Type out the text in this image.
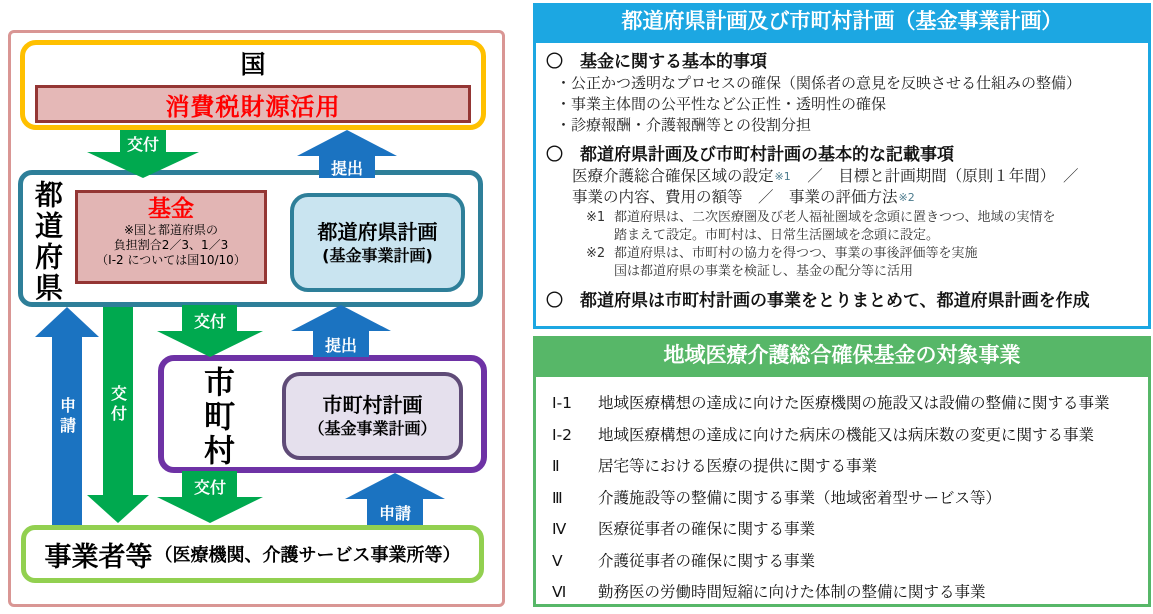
国
消費税財源活用
交付
提出
都道府県	基金
※国と都道府県の
負担割合2／3、1／3
（Ⅰ-2 については国10/10）
都道府県計画
(基金事業計画)
交付
提出
申請 交付 市町村	市町村計画
（基金事業計画）
交付
申請
事業者等 （医療機関、介護サービス事業所等）
都道府県計画及び市町村計画（基金事業計画）
〇　基金に関する基本的事項
・公正かつ透明なプロセスの確保（関係者の意見を反映させる仕組みの整備）
・事業主体間の公平性など公正性・透明性の確保
・診療報酬・介護報酬等との役割分担
〇　都道府県計画及び市町村計画の基本的な記載事項
医療介護総合確保区域の設定※1　／　目標と計画期間（原則１年間）　／
事業の内容、費用の額等　／　事業の評価方法※2
※1 都道府県は、二次医療圏及び老人福祉圏域を念頭に置きつつ、地域の実情を
踏まえて設定。市町村は、日常生活圏域を念頭に設定。
※2 都道府県は、市町村の協力を得つつ、事業の事後評価等を実施
国は都道府県の事業を検証し、基金の配分等に活用
〇　都道府県は市町村計画の事業をとりまとめて、都道府県計画を作成
地域医療介護総合確保基金の対象事業
Ⅰ-1	地域医療構想の達成に向けた医療機関の施設又は設備の整備に関する事業
Ⅰ-2	地域医療構想の達成に向けた病床の機能又は病床数の変更に関する事業
Ⅱ	居宅等における医療の提供に関する事業
Ⅲ	介護施設等の整備に関する事業（地域密着型サービス等）
Ⅳ	医療従事者の確保に関する事業
Ⅴ	介護従事者の確保に関する事業
Ⅵ	勤務医の労働時間短縮に向けた体制の整備に関する事業
